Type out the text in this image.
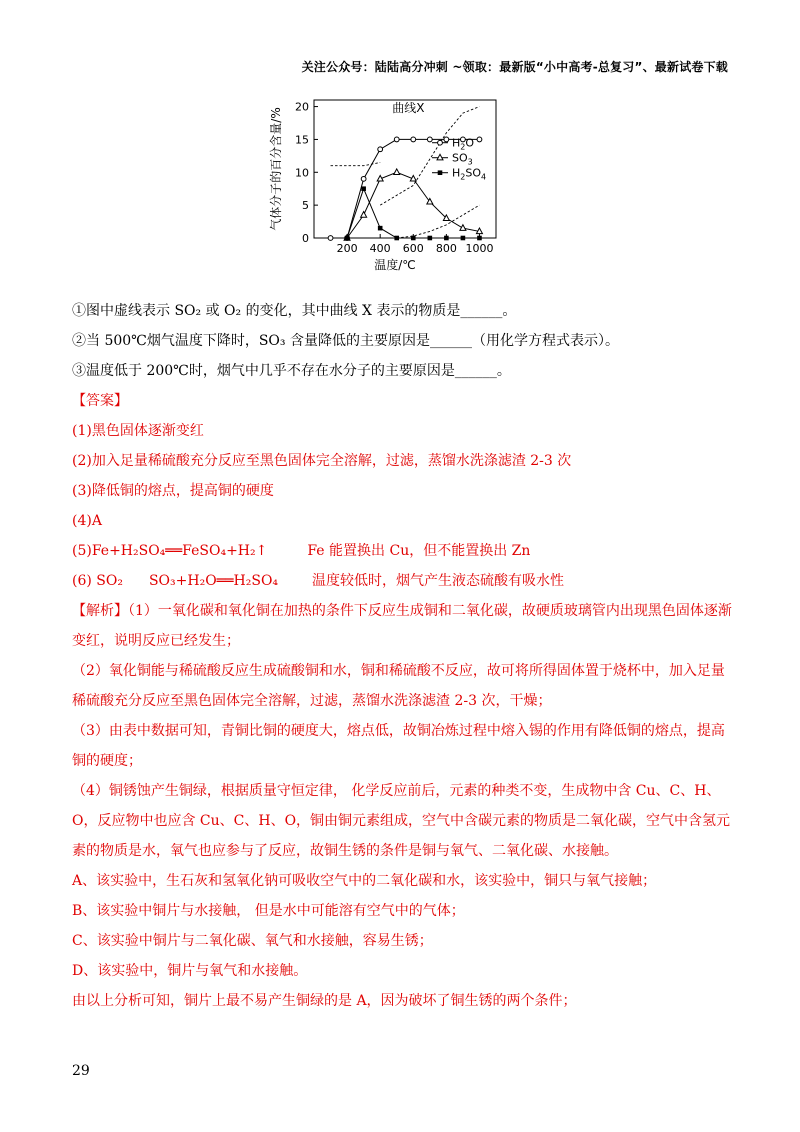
关注公众号：陆陆高分冲刺 ~领取：最新版“小中高考-总复习”、最新试卷下载
0
5
10
15
20
200 400 600 800 1000
温度/℃
气体分子的百分含量/%	曲线X
$H_2O$
$SO_3$
$H_2SO_4$
①图中虚线表示 SO₂ 或 O₂ 的变化，其中曲线 X 表示的物质是______。
②当 500℃烟气温度下降时，SO₃ 含量降低的主要原因是______（用化学方程式表示）。
③温度低于 200℃时，烟气中几乎不存在水分子的主要原因是______。
【答案】
(1)黑色固体逐渐变红
(2)加入足量稀硫酸充分反应至黑色固体完全溶解，过滤，蒸馏水洗涤滤渣 2-3 次
(3)降低铜的熔点，提高铜的硬度
(4)A
(5)Fe+H₂SO₄══FeSO₄+H₂↑	Fe 能置换出 Cu，但不能置换出 Zn
(6) SO₂ SO₃+H₂O══H₂SO₄ 温度较低时，烟气产生液态硫酸有吸水性
【解析】（1）一氧化碳和氧化铜在加热的条件下反应生成铜和二氧化碳，故硬质玻璃管内出现黑色固体逐渐变红，说明反应已经发生；
（2）氧化铜能与稀硫酸反应生成硫酸铜和水，铜和稀硫酸不反应，故可将所得固体置于烧杯中，加入足量稀硫酸充分反应至黑色固体完全溶解，过滤，蒸馏水洗涤滤渣 2-3 次，干燥；
（3）由表中数据可知，青铜比铜的硬度大，熔点低，故铜冶炼过程中熔入锡的作用有降低铜的熔点，提高铜的硬度；
（4）铜锈蚀产生铜绿，根据质量守恒定律， 化学反应前后，元素的种类不变，生成物中含 Cu、C、H、O，反应物中也应含 Cu、C、H、O，铜由铜元素组成，空气中含碳元素的物质是二氧化碳，空气中含氢元素的物质是水，氧气也应参与了反应，故铜生锈的条件是铜与氧气、二氧化碳、水接触。
A、该实验中，生石灰和氢氧化钠可吸收空气中的二氧化碳和水，该实验中，铜只与氧气接触；
B、该实验中铜片与水接触， 但是水中可能溶有空气中的气体；
C、该实验中铜片与二氧化碳、氧气和水接触，容易生锈；
D、该实验中，铜片与氧气和水接触。
由以上分析可知，铜片上最不易产生铜绿的是 A，因为破坏了铜生锈的两个条件；
29
